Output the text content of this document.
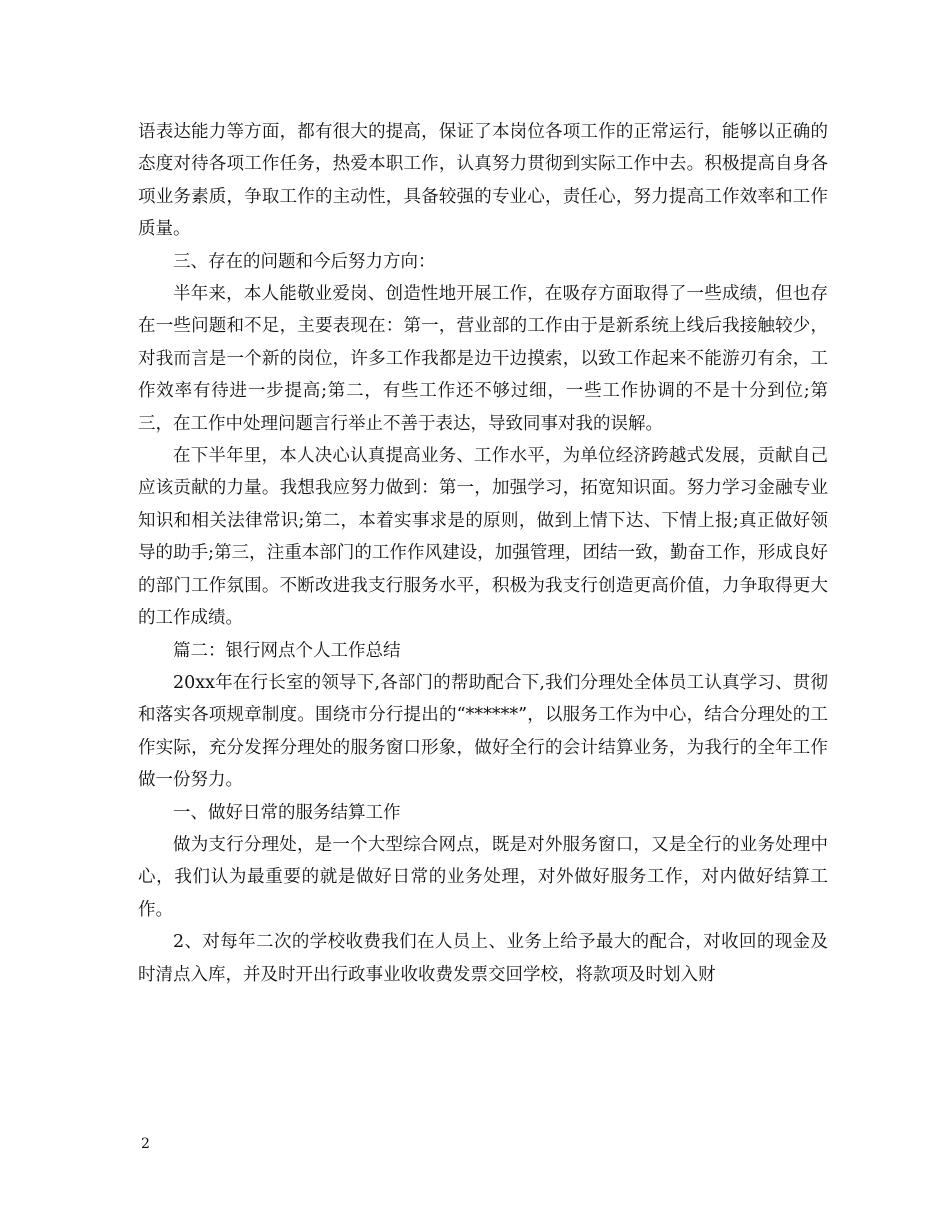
语表达能力等方面，都有很大的提高，保证了本岗位各项工作的正常运行，能够以正确的态度对待各项工作任务，热爱本职工作，认真努力贯彻到实际工作中去。积极提高自身各项业务素质，争取工作的主动性，具备较强的专业心，责任心，努力提高工作效率和工作质量。

三、存在的问题和今后努力方向：

半年来，本人能敬业爱岗、创造性地开展工作，在吸存方面取得了一些成绩，但也存在一些问题和不足，主要表现在：第一，营业部的工作由于是新系统上线后我接触较少，对我而言是一个新的岗位，许多工作我都是边干边摸索，以致工作起来不能游刃有余，工作效率有待进一步提高;第二，有些工作还不够过细，一些工作协调的不是十分到位;第三，在工作中处理问题言行举止不善于表达，导致同事对我的误解。

在下半年里，本人决心认真提高业务、工作水平，为单位经济跨越式发展，贡献自己应该贡献的力量。我想我应努力做到：第一，加强学习，拓宽知识面。努力学习金融专业知识和相关法律常识;第二，本着实事求是的原则，做到上情下达、下情上报;真正做好领导的助手;第三，注重本部门的工作作风建设，加强管理，团结一致，勤奋工作，形成良好的部门工作氛围。不断改进我支行服务水平，积极为我支行创造更高价值，力争取得更大的工作成绩。

篇二：银行网点个人工作总结

20xx年在行长室的领导下,各部门的帮助配合下,我们分理处全体员工认真学习、贯彻和落实各项规章制度。围绕市分行提出的“******”，以服务工作为中心，结合分理处的工作实际，充分发挥分理处的服务窗口形象，做好全行的会计结算业务，为我行的全年工作做一份努力。

一、做好日常的服务结算工作

做为支行分理处，是一个大型综合网点，既是对外服务窗口，又是全行的业务处理中心，我们认为最重要的就是做好日常的业务处理，对外做好服务工作，对内做好结算工作。

2、对每年二次的学校收费我们在人员上、业务上给予最大的配合，对收回的现金及时清点入库，并及时开出行政事业收收费发票交回学校，将款项及时划入财

2
